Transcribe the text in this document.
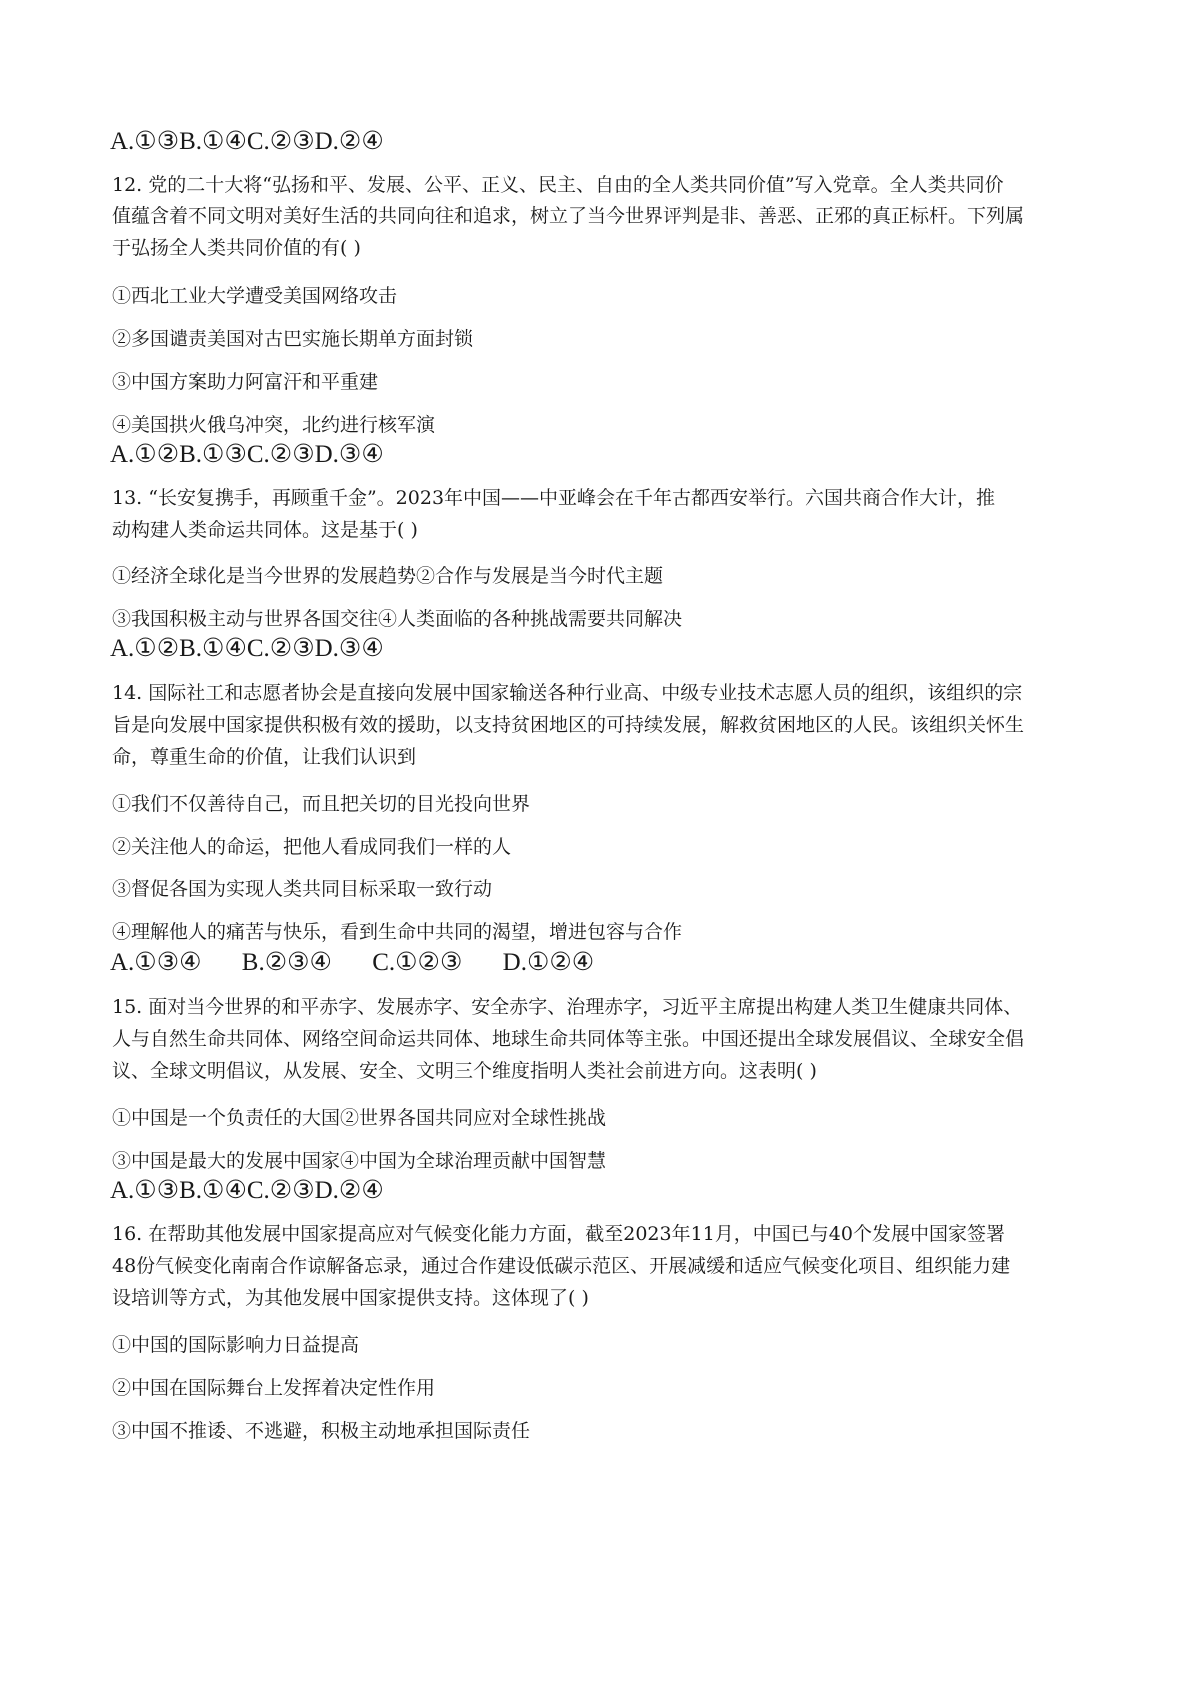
A.①③B.①④C.②③D.②④
12. 党的二十大将“弘扬和平、发展、公平、正义、民主、自由的全人类共同价值”写入党章。全人类共同价
值蕴含着不同文明对美好生活的共同向往和追求，树立了当今世界评判是非、善恶、正邪的真正标杆。下列属
于弘扬全人类共同价值的有( )
①西北工业大学遭受美国网络攻击
②多国谴责美国对古巴实施长期单方面封锁
③中国方案助力阿富汗和平重建
④美国拱火俄乌冲突，北约进行核军演
A.①②B.①③C.②③D.③④
13. “长安复携手，再顾重千金”。2023年中国——中亚峰会在千年古都西安举行。六国共商合作大计，推
动构建人类命运共同体。这是基于( )
①经济全球化是当今世界的发展趋势②合作与发展是当今时代主题
③我国积极主动与世界各国交往④人类面临的各种挑战需要共同解决
A.①②B.①④C.②③D.③④
14. 国际社工和志愿者协会是直接向发展中国家输送各种行业高、中级专业技术志愿人员的组织，该组织的宗
旨是向发展中国家提供积极有效的援助，以支持贫困地区的可持续发展，解救贫困地区的人民。该组织关怀生
命，尊重生命的价值，让我们认识到
①我们不仅善待自己，而且把关切的目光投向世界
②关注他人的命运，把他人看成同我们一样的人
③督促各国为实现人类共同目标采取一致行动
④理解他人的痛苦与快乐，看到生命中共同的渴望，增进包容与合作
A.①③④ B.②③④ C.①②③ D.①②④
15. 面对当今世界的和平赤字、发展赤字、安全赤字、治理赤字，习近平主席提出构建人类卫生健康共同体、
人与自然生命共同体、网络空间命运共同体、地球生命共同体等主张。中国还提出全球发展倡议、全球安全倡
议、全球文明倡议，从发展、安全、文明三个维度指明人类社会前进方向。这表明( )
①中国是一个负责任的大国②世界各国共同应对全球性挑战
③中国是最大的发展中国家④中国为全球治理贡献中国智慧
A.①③B.①④C.②③D.②④
16. 在帮助其他发展中国家提高应对气候变化能力方面，截至2023年11月，中国已与40个发展中国家签署
48份气候变化南南合作谅解备忘录，通过合作建设低碳示范区、开展减缓和适应气候变化项目、组织能力建
设培训等方式，为其他发展中国家提供支持。这体现了( )
①中国的国际影响力日益提高
②中国在国际舞台上发挥着决定性作用
③中国不推诿、不逃避，积极主动地承担国际责任
